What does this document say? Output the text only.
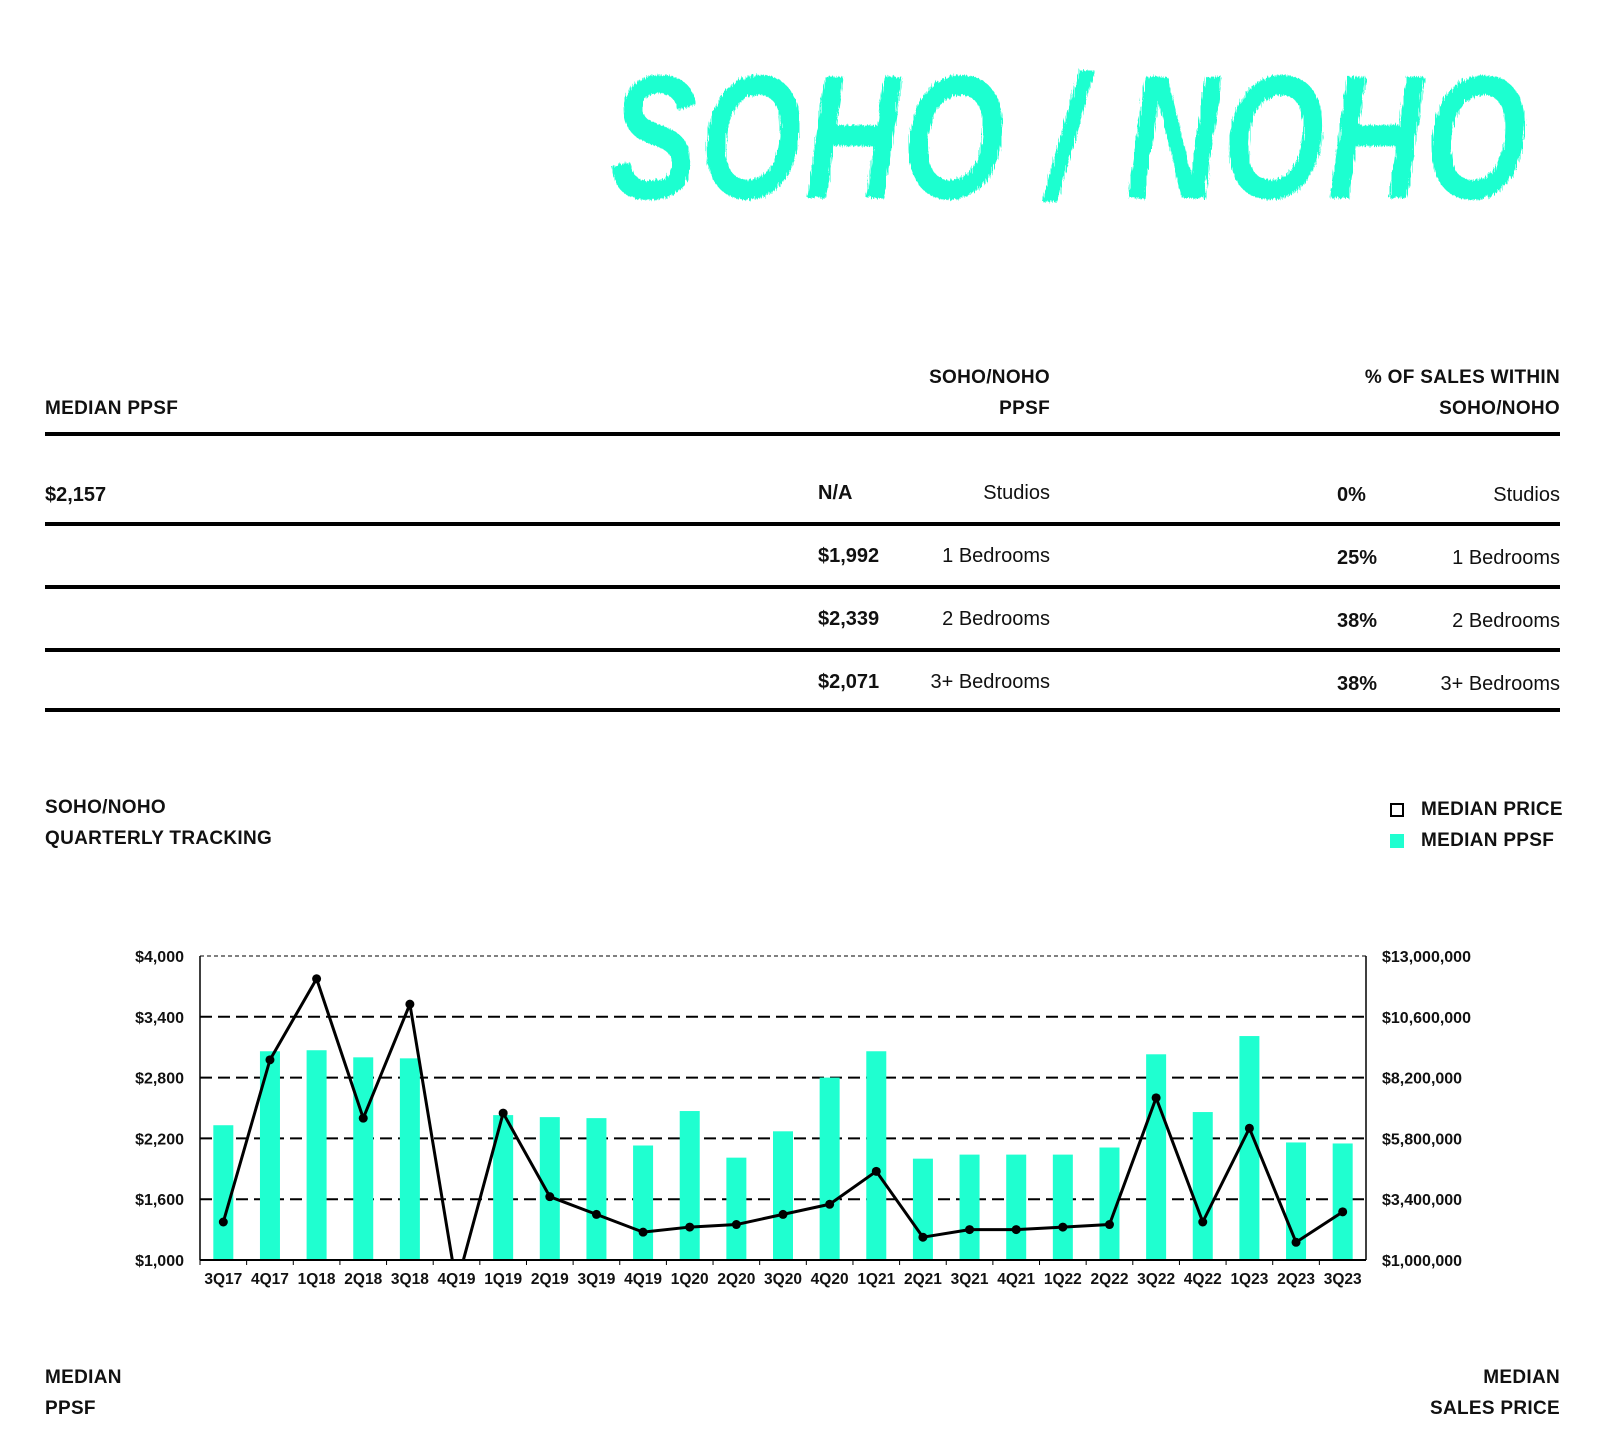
SOHO / NOHO
MEDIAN PPSF
SOHO/NOHO
PPSF
% OF SALES WITHIN
SOHO/NOHO
$2,157	N/A	Studios	0%	Studios
$1,992	1 Bedrooms	25%	1 Bedrooms
$2,339	2 Bedrooms	38%	2 Bedrooms
$2,071	3+ Bedrooms	38%	3+ Bedrooms
SOHO/NOHO
QUARTERLY TRACKING
MEDIAN PRICE
MEDIAN PPSF
$4,000	$13,000,000
$3,400	$10,600,000
$2,800	$8,200,000
$2,200	$5,800,000
$1,600	$3,400,000
$1,000	$1,000,000
3Q17 4Q17 1Q18 2Q18 3Q18 4Q19 1Q19 2Q19 3Q19 4Q19 1Q20 2Q20 3Q20 4Q20 1Q21 2Q21 3Q21 4Q21 1Q22 2Q22 3Q22 4Q22 1Q23 2Q23 3Q23
MEDIAN
PPSF
MEDIAN
SALES PRICE
